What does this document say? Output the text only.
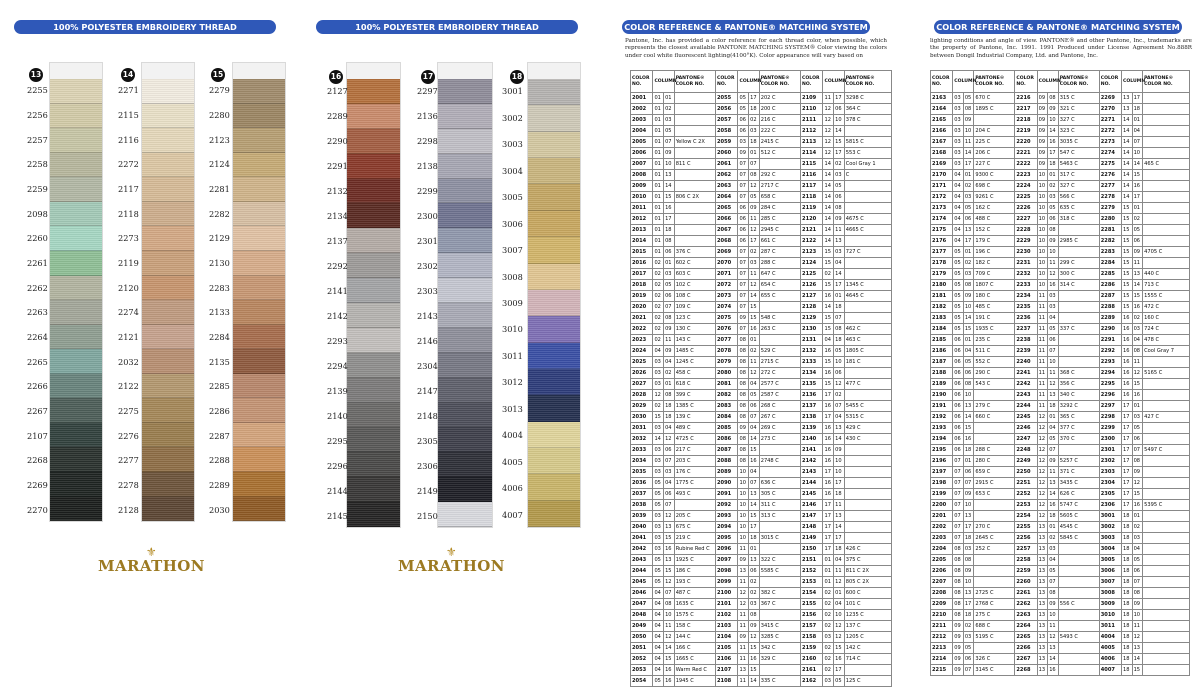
100% POLYESTER EMBROIDERY THREAD
13
2255
2256
2257
2258
2259
2098
2260
2261
2262
2263
2264
2265
2266
2267
2107
2268
2269
2270
14
2271
2115
2116
2272
2117
2118
2273
2119
2120
2274
2121
2032
2122
2275
2276
2277
2278
2128
15
2279
2280
2123
2124
2281
2282
2129
2130
2283
2133
2284
2135
2285
2286
2287
2288
2289
2030
⚜
MARATHON
100% POLYESTER EMBROIDERY THREAD
16
2127
2289
2290
2291
2132
2134
2137
2292
2141
2142
2293
2294
2139
2140
2295
2296
2144
2145
17
2297
2136
2298
2138
2299
2300
2301
2302
2303
2143
2146
2304
2147
2148
2305
2306
2149
2150
18
3001
3002
3003
3004
3005
3006
3007
3008
3009
3010
3011
3012
3013
4004
4005
4006
4007
⚜
MARATHON
COLOR REFERENCE & PANTONE® MATCHING SYSTEM
Pantone, Inc. has provided a color reference for each thread color, when possible, which represents the closest available PANTONE MATCHING SYSTEM® Color viewing the colors under cool white fluorescent lighting(4100°K). Color appearance will vary based on
COLOR NO.	COLUMN		PANTONE® COLOR NO.	COLOR NO.	COLUMN		PANTONE® COLOR NO.	COLOR NO.	COLUMN		PANTONE® COLOR NO.
2001	01	01		2055	05	17	202 C	2109	11	17	3298 C
2002	01	02		2056	05	18	200 C	2110	12	06	364 C
2003	01	03		2057	06	02	216 C	2111	12	10	378 C
2004	01	05		2058	06	03	222 C	2112	12	14	
2005	01	07	Yellow C 2X	2059	03	18	2415 C	2113	12	15	5815 C
2006	01	09		2060	09	01	512 C	2114	12	17	553 C
2007	01	10	811 C	2061	07	07		2115	14	02	Cool Gray 1
2008	01	13		2062	07	08	292 C	2116	14	03	C
2009	01	14		2063	07	12	2717 C	2117	14	05	
2010	01	15	806 C 2X	2064	07	05	658 C	2118	14	06	
2011	01	16		2065	06	09	284 C	2119	14	08	
2012	01	17		2066	06	11	285 C	2120	14	09	4675 C
2013	01	18		2067	06	12	2945 C	2121	14	11	4665 C
2014	01	08		2068	06	17	661 C	2122	14	13	
2015	01	06	376 C	2069	07	02	287 C	2123	15	03	727 C
2016	02	01	602 C	2070	07	03	288 C	2124	15	04	
2017	02	03	603 C	2071	07	11	647 C	2125	02	14	
2018	02	05	102 C	2072	07	12	654 C	2126	15	17	1345 C
2019	02	06	108 C	2073	07	14	655 C	2127	16	01	4645 C
2020	02	07	109 C	2074	07	15		2128	14	18	
2021	02	08	123 C	2075	09	15	548 C	2129	15	07	
2022	02	09	130 C	2076	07	16	263 C	2130	15	08	462 C
2023	02	11	143 C	2077	08	01		2131	04	18	463 C
2024	04	09	1485 C	2078	08	02	529 C	2132	16	05	1805 C
2025	03	04	1245 C	2079	08	11	2715 C	2133	15	10	181 C
2026	03	02	458 C	2080	08	12	272 C	2134	16	06	
2027	03	01	618 C	2081	08	04	2577 C	2135	15	12	477 C
2028	12	08	399 C	2082	08	05	2587 C	2136	17	02	
2029	02	18	1385 C	2083	08	06	268 C	2137	16	07	5455 C
2030	15	18	139 C	2084	08	07	267 C	2138	17	04	5315 C
2031	03	04	489 C	2085	09	04	269 C	2139	16	13	429 C
2032	14	12	4725 C	2086	08	14	273 C	2140	16	14	430 C
2033	03	06	217 C	2087	08	15		2141	16	09	
2034	03	07	203 C	2088	08	16	2748 C	2142	16	10	
2035	03	03	176 C	2089	10	04		2143	17	10	
2036	05	04	1775 C	2090	10	07	636 C	2144	16	17	
2037	05	06	493 C	2091	10	13	305 C	2145	16	18	
2038	05	07		2092	10	14	311 C	2146	17	11	
2039	03	12	205 C	2093	10	15	313 C	2147	17	13	
2040	03	13	675 C	2094	10	17		2148	17	14	
2041	03	15	219 C	2095	10	18	3015 C	2149	17	17	
2042	03	16	Rubine Red C	2096	11	01		2150	17	18	426 C
2043	05	13	1925 C	2097	09	13	322 C	2151	01	04	375 C
2044	05	15	186 C	2098	13	06	5585 C	2152	01	11	811 C 2X
2045	05	12	193 C	2099	11	02		2153	01	12	805 C 2X
2046	04	07	487 C	2100	12	02	382 C	2154	02	01	600 C
2047	04	08	1635 C	2101	12	03	367 C	2155	02	04	101 C
2048	04	10	1575 C	2102	11	08		2156	02	10	1235 C
2049	04	11	158 C	2103	11	09	3415 C	2157	02	12	137 C
2050	04	12	144 C	2104	09	12	3285 C	2158	03	12	1205 C
2051	04	14	166 C	2105	11	15	342 C	2159	02	15	142 C
2052	04	15	1665 C	2106	11	16	329 C	2160	02	16	714 C
2053	04	16	Warm Red C	2107	13	15		2161	02	17	
2054	05	16	1945 C	2108	11	14	335 C	2162	03	05	125 C
COLOR REFERENCE & PANTONE® MATCHING SYSTEM
lighting conditions and angle of view. PANTONE® and other Pantone, Inc., trademarks are the property of Pantone, Inc. 1991. 1991 Produced under License Agreement No.888R between Dongil Industrial Company, Ltd. and Pantone, Inc.
COLOR NO.	COLUMN		PANTONE® COLOR NO.	COLOR NO.	COLUMN		PANTONE® COLOR NO.	COLOR NO.	COLUMN		PANTONE® COLOR NO.
2163	03	05	670 C	2216	09	08	315 C	2269	13	17	
2164	03	08	1895 C	2217	09	09	321 C	2270	13	18	
2165	03	09		2218	09	10	327 C	2271	14	01	
2166	03	10	204 C	2219	09	14	323 C	2272	14	04	
2167	03	11	225 C	2220	09	16	3035 C	2273	14	07	
2168	03	14	206 C	2221	09	17	547 C	2274	14	10	
2169	03	17	227 C	2222	09	18	5463 C	2275	14	14	465 C
2170	04	01	9300 C	2223	10	01	317 C	2276	14	15	
2171	04	02	698 C	2224	10	02	327 C	2277	14	16	
2172	04	03	9261 C	2225	10	03	566 C	2278	14	17	
2173	04	05	162 C	2226	10	05	635 C	2279	15	01	
2174	04	06	488 C	2227	10	06	318 C	2280	15	02	
2175	04	13	152 C	2228	10	08		2281	15	05	
2176	04	17	179 C	2229	10	09	2985 C	2282	15	06	
2177	05	01	196 C	2230	10	10		2283	15	09	4705 C
2178	05	02	182 C	2231	10	11	299 C	2284	15	11	
2179	05	03	709 C	2232	10	12	300 C	2285	15	13	440 C
2180	05	08	1807 C	2233	10	16	314 C	2286	15	14	713 C
2181	05	09	180 C	2234	11	03		2287	15	15	1555 C
2182	05	10	485 C	2235	11	03		2288	15	16	472 C
2183	05	14	191 C	2236	11	04		2289	16	02	160 C
2184	05	15	1935 C	2237	11	05	337 C	2290	16	03	724 C
2185	06	01	235 C	2238	11	06		2291	16	04	478 C
2186	06	04	511 C	2239	11	07		2292	16	08	Cool Gray 7
2187	06	05	552 C	2240	11	10		2293	16	11	
2188	06	06	290 C	2241	11	11	368 C	2294	16	12	5165 C
2189	06	08	543 C	2242	11	12	356 C	2295	16	15	
2190	06	10		2243	11	13	340 C	2296	16	16	
2191	06	13	279 C	2244	11	18	3292 C	2297	17	01	
2192	06	14	660 C	2245	12	01	365 C	2298	17	03	427 C
2193	06	15		2246	12	04	377 C	2299	17	05	
2194	06	16		2247	12	05	370 C	2300	17	06	
2195	06	18	288 C	2248	12	07		2301	17	07	5497 C
2196	07	01	280 C	2249	12	09	5257 C	2302	17	08	
2197	07	06	659 C	2250	12	11	371 C	2303	17	09	
2198	07	07	2915 C	2251	12	13	3435 C	2304	17	12	
2199	07	09	653 C	2252	12	14	626 C	2305	17	15	
2200	07	10		2253	12	16	5747 C	2306	17	16	5395 C
2201	07	13		2254	12	18	5605 C	3001	18	01	
2202	07	17	270 C	2255	13	01	4545 C	3002	18	02	
2203	07	18	2645 C	2256	13	02	5845 C	3003	18	03	
2204	08	03	252 C	2257	13	03		3004	18	04	
2205	08	08		2258	13	04		3005	18	05	
2206	08	09		2259	13	05		3006	18	06	
2207	08	10		2260	13	07		3007	18	07	
2208	08	13	2725 C	2261	13	08		3008	18	08	
2209	08	17	2768 C	2262	13	09	556 C	3009	18	09	
2210	08	18	275 C	2263	13	10		3010	18	10	
2211	09	02	688 C	2264	13	11		3011	18	11	
2212	09	03	5195 C	2265	13	12	5493 C	4004	18	12	
2213	09	05		2266	13	13		4005	18	13	
2214	09	06	326 C	2267	13	14		4006	18	14	
2215	09	07	3145 C	2268	13	16		4007	18	15	
